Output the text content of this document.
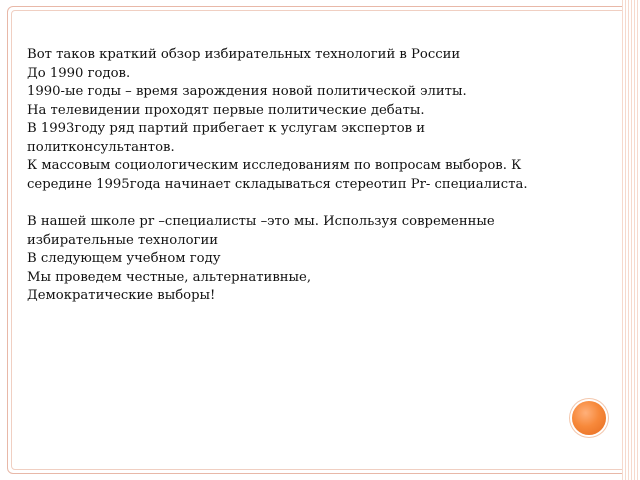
Вот таков краткий обзор избирательных технологий в России
До 1990 годов.
1990-ые годы – время зарождения новой политической элиты.
На телевидении проходят первые политические дебаты.
В 1993году ряд партий прибегает к услугам экспертов и
политконсультантов.
К массовым социологическим исследованиям по вопросам выборов. К
середине 1995года начинает складываться стереотип Pr- специалиста.
В нашей школе pr –специалисты –это мы. Используя современные
избирательные технологии
В следующем учебном году
Мы проведем честные, альтернативные,
Демократические выборы!
